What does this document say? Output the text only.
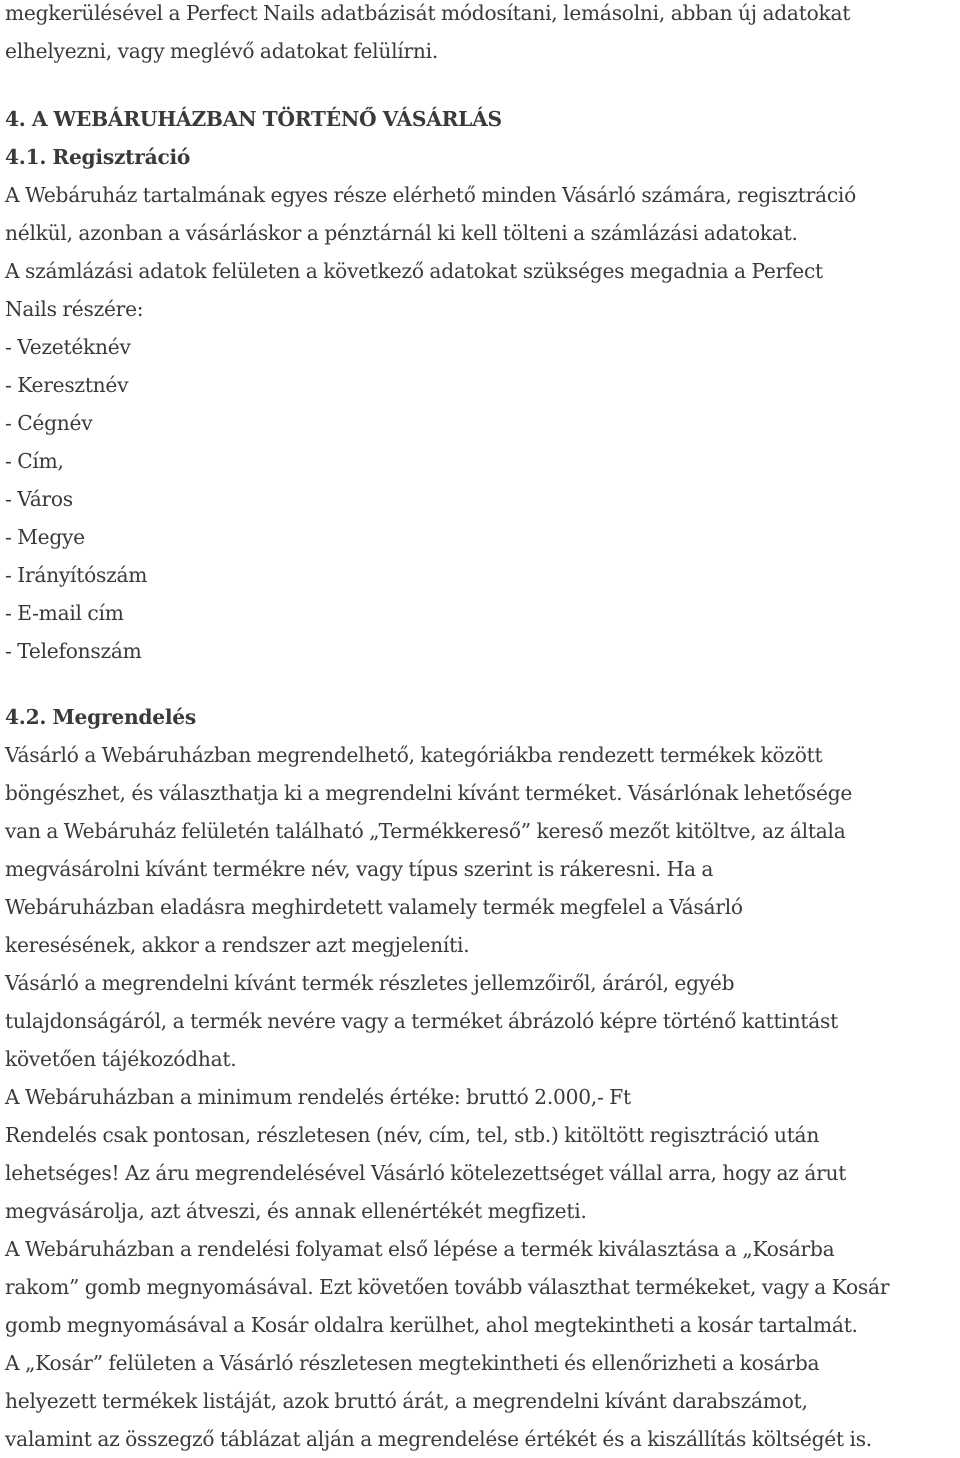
megkerülésével a Perfect Nails adatbázisát módosítani, lemásolni, abban új adatokat

elhelyezni, vagy meglévő adatokat felülírni.

4. A WEBÁRUHÁZBAN TÖRTÉNŐ VÁSÁRLÁS
4.1. Regisztráció

A Webáruház tartalmának egyes része elérhető minden Vásárló számára, regisztráció

nélkül, azonban a vásárláskor a pénztárnál ki kell tölteni a számlázási adatokat.

A számlázási adatok felületen a következő adatokat szükséges megadnia a Perfect

Nails részére:

- Vezetéknév

- Keresztnév

- Cégnév

- Cím,

- Város

- Megye

- Irányítószám

- E-mail cím

- Telefonszám

4.2. Megrendelés

Vásárló a Webáruházban megrendelhető, kategóriákba rendezett termékek között

böngészhet, és választhatja ki a megrendelni kívánt terméket. Vásárlónak lehetősége

van a Webáruház felületén található „Termékkereső” kereső mezőt kitöltve, az általa

megvásárolni kívánt termékre név, vagy típus szerint is rákeresni. Ha a

Webáruházban eladásra meghirdetett valamely termék megfelel a Vásárló

keresésének, akkor a rendszer azt megjeleníti.

Vásárló a megrendelni kívánt termék részletes jellemzőiről, áráról, egyéb

tulajdonságáról, a termék nevére vagy a terméket ábrázoló képre történő kattintást

követően tájékozódhat.

A Webáruházban a minimum rendelés értéke: bruttó 2.000,- Ft

Rendelés csak pontosan, részletesen (név, cím, tel, stb.) kitöltött regisztráció után

lehetséges! Az áru megrendelésével Vásárló kötelezettséget vállal arra, hogy az árut

megvásárolja, azt átveszi, és annak ellenértékét megfizeti.

A Webáruházban a rendelési folyamat első lépése a termék kiválasztása a „Kosárba

rakom” gomb megnyomásával. Ezt követően tovább választhat termékeket, vagy a Kosár

gomb megnyomásával a Kosár oldalra kerülhet, ahol megtekintheti a kosár tartalmát.

A „Kosár” felületen a Vásárló részletesen megtekintheti és ellenőrizheti a kosárba

helyezett termékek listáját, azok bruttó árát, a megrendelni kívánt darabszámot,

valamint az összegző táblázat alján a megrendelése értékét és a kiszállítás költségét is.
